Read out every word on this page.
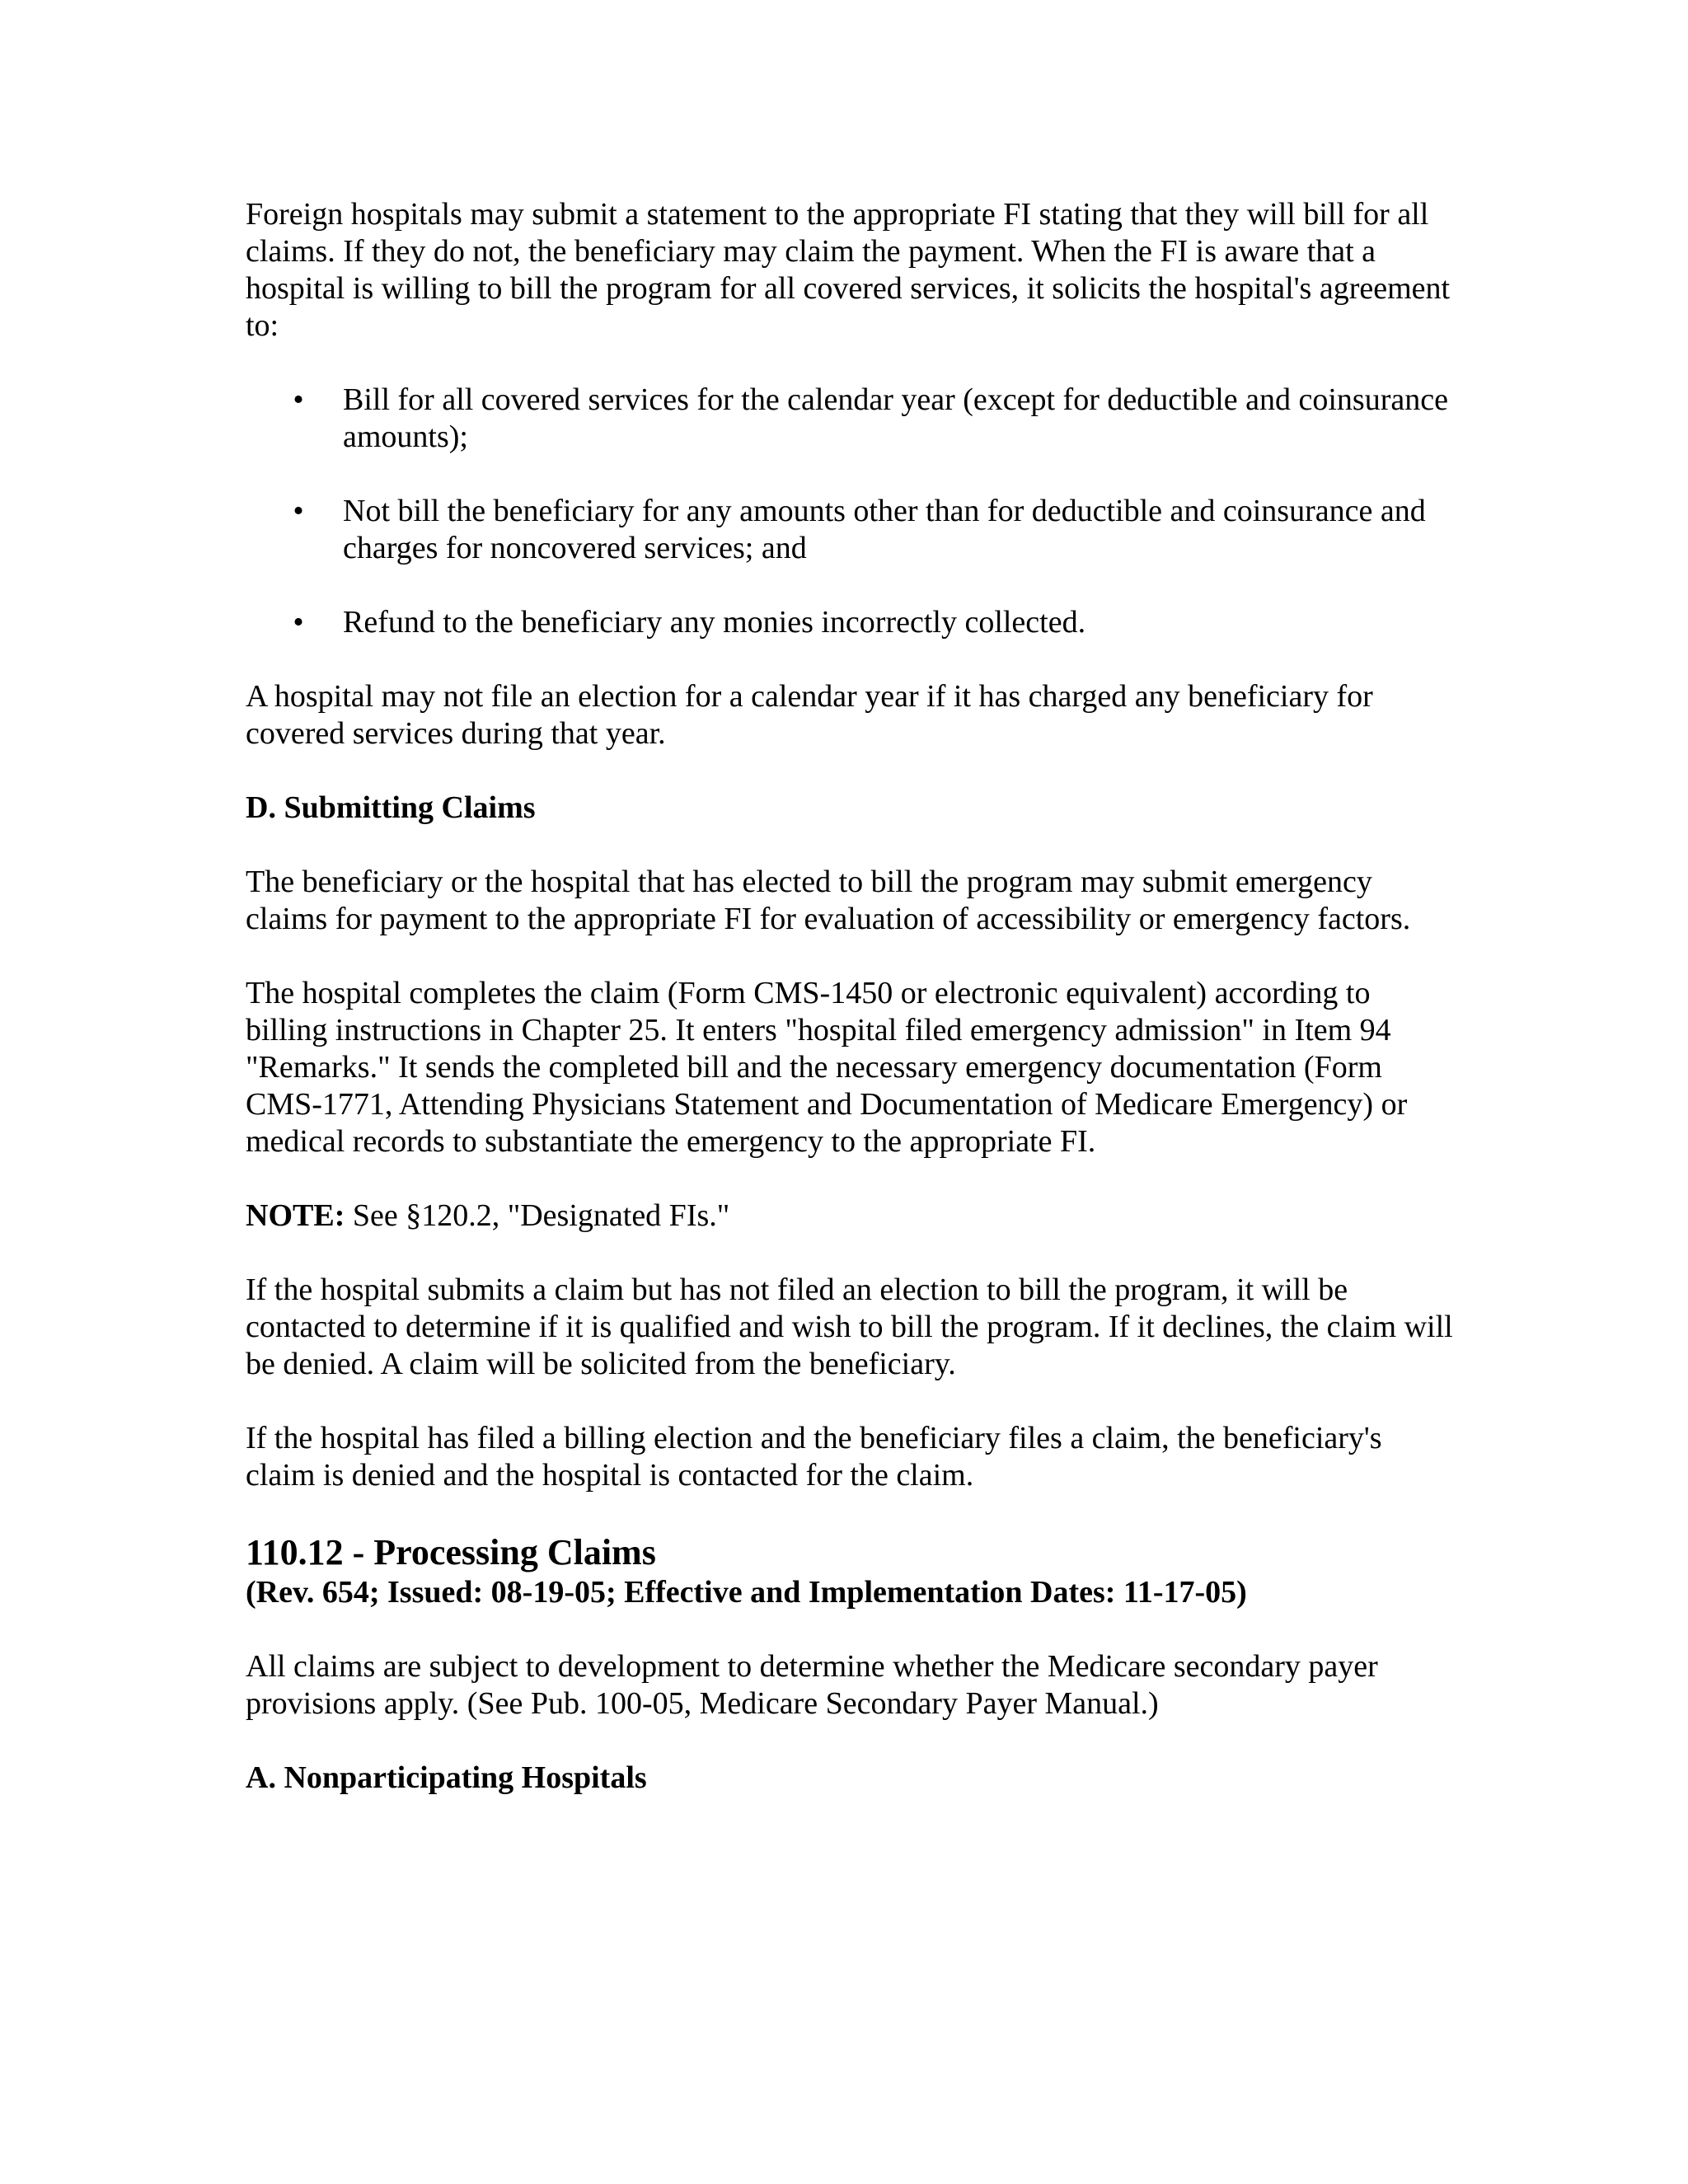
Foreign hospitals may submit a statement to the appropriate FI stating that they will bill for all claims. If they do not, the beneficiary may claim the payment. When the FI is aware that a hospital is willing to bill the program for all covered services, it solicits the hospital's agreement to:

• Bill for all covered services for the calendar year (except for deductible and coinsurance amounts);
• Not bill the beneficiary for any amounts other than for deductible and coinsurance and charges for noncovered services; and
• Refund to the beneficiary any monies incorrectly collected.

A hospital may not file an election for a calendar year if it has charged any beneficiary for covered services during that year.

D. Submitting Claims

The beneficiary or the hospital that has elected to bill the program may submit emergency claims for payment to the appropriate FI for evaluation of accessibility or emergency factors.

The hospital completes the claim (Form CMS-1450 or electronic equivalent) according to billing instructions in Chapter 25. It enters "hospital filed emergency admission" in Item 94 "Remarks." It sends the completed bill and the necessary emergency documentation (Form CMS-1771, Attending Physicians Statement and Documentation of Medicare Emergency) or medical records to substantiate the emergency to the appropriate FI.

NOTE: See §120.2, "Designated FIs."

If the hospital submits a claim but has not filed an election to bill the program, it will be contacted to determine if it is qualified and wish to bill the program. If it declines, the claim will be denied. A claim will be solicited from the beneficiary.

If the hospital has filed a billing election and the beneficiary files a claim, the beneficiary's claim is denied and the hospital is contacted for the claim.

110.12 - Processing Claims
(Rev. 654; Issued: 08-19-05; Effective and Implementation Dates: 11-17-05)

All claims are subject to development to determine whether the Medicare secondary payer provisions apply. (See Pub. 100-05, Medicare Secondary Payer Manual.)

A. Nonparticipating Hospitals
